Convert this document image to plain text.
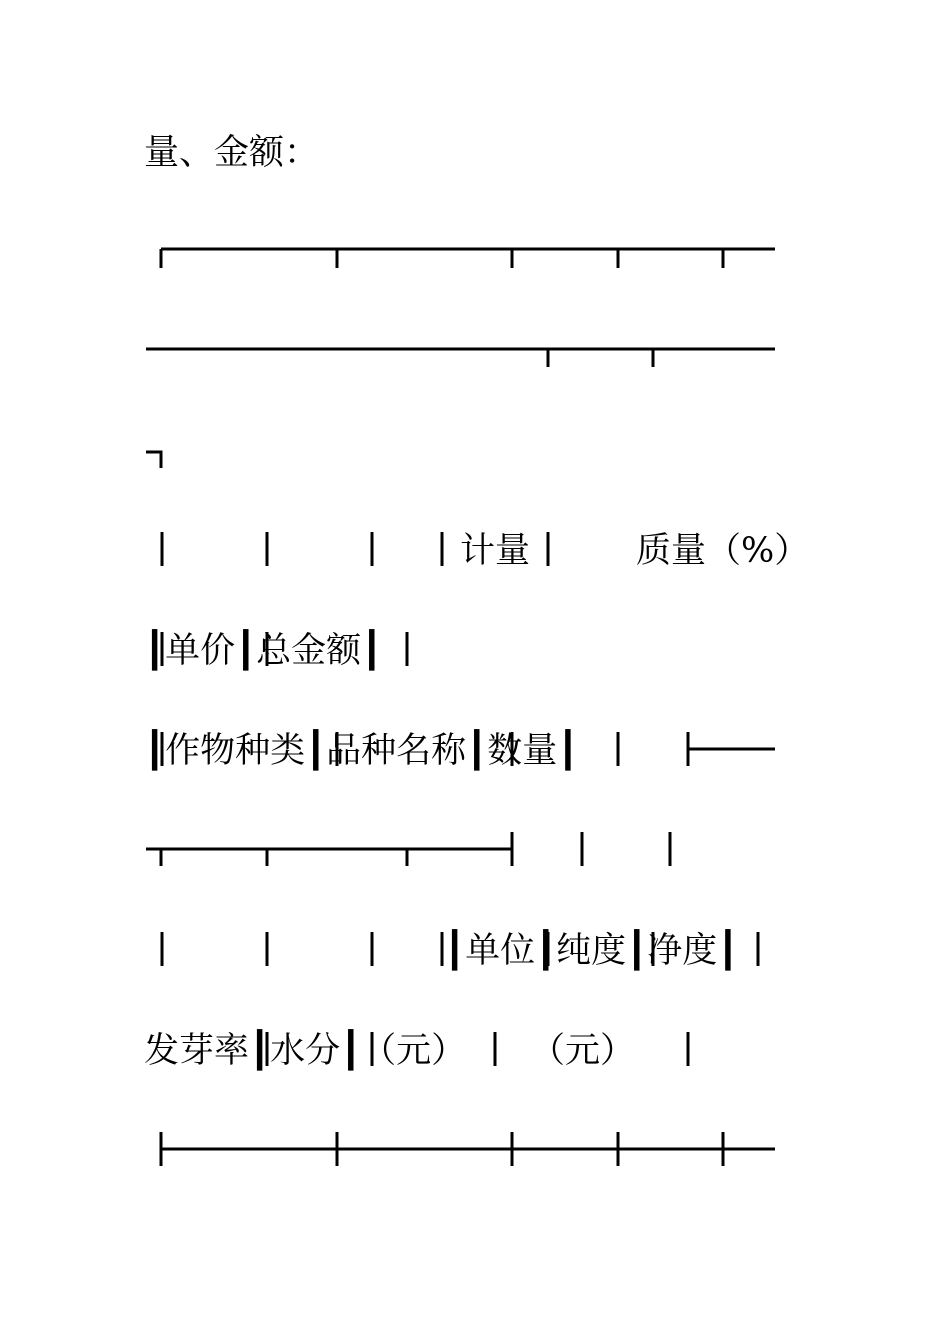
量、金额：
计量	质量（%）
┃单价┃总金额┃
┃作物种类┃品种名称┃数量┃
┃单位┃纯度┃净度┃
发芽率┃水分┃（元） （元）
